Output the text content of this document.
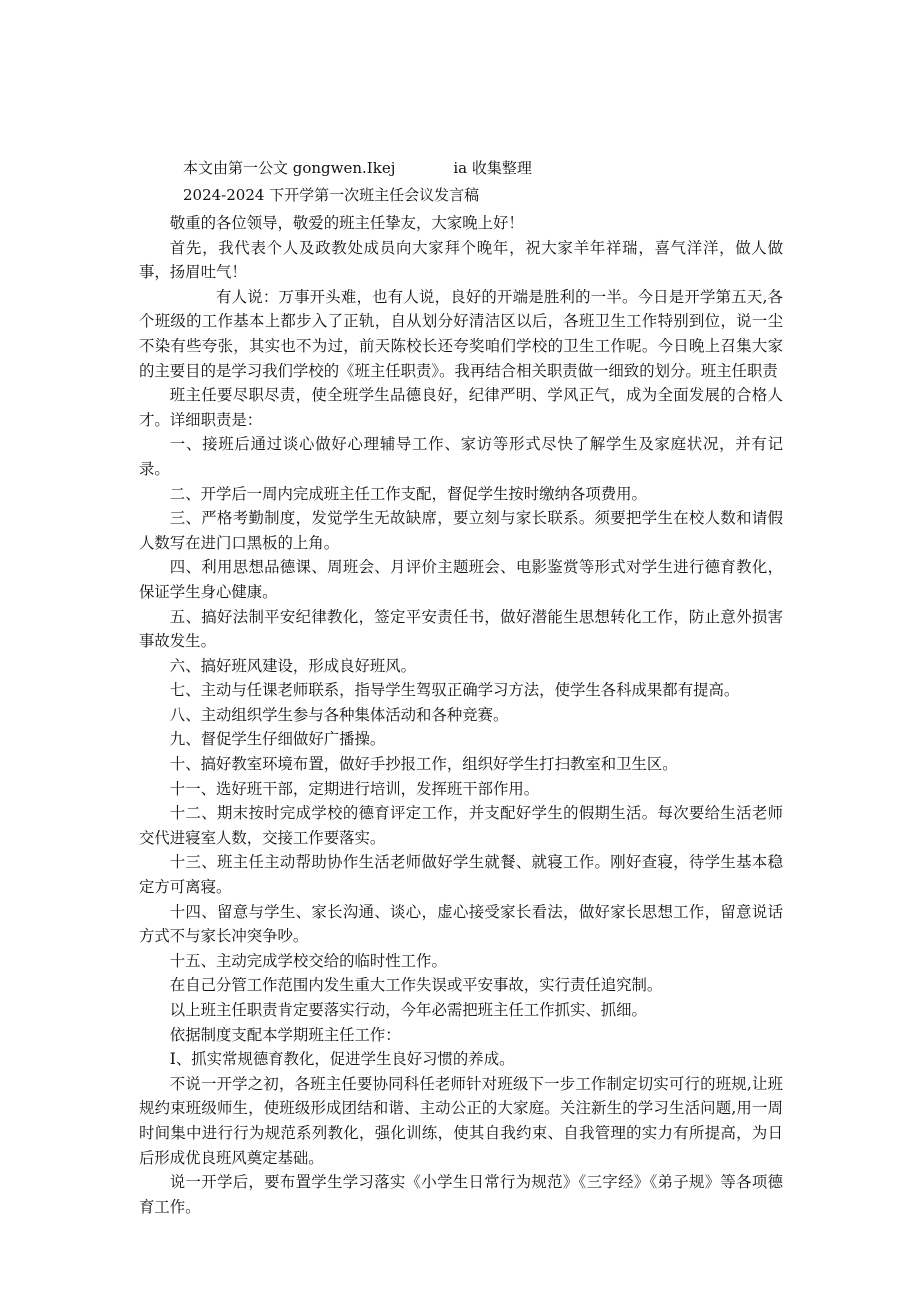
本文由第一公文 gongwen.Ikej	ia 收集整理
2024-2024 下开学第一次班主任会议发言稿

敬重的各位领导，敬爱的班主任挚友，大家晚上好！

首先，我代表个人及政教处成员向大家拜个晚年，祝大家羊年祥瑞，喜气洋洋，做人做事，扬眉吐气！

有人说：万事开头难，也有人说，良好的开端是胜利的一半。今日是开学第五天,各个班级的工作基本上都步入了正轨，自从划分好清洁区以后，各班卫生工作特别到位，说一尘不染有些夸张，其实也不为过，前天陈校长还夸奖咱们学校的卫生工作呢。今日晚上召集大家的主要目的是学习我们学校的《班主任职责》。我再结合相关职责做一细致的划分。班主任职责

班主任要尽职尽责，使全班学生品德良好，纪律严明、学风正气，成为全面发展的合格人才。详细职责是：

一、接班后通过谈心做好心理辅导工作、家访等形式尽快了解学生及家庭状况，并有记录。

二、开学后一周内完成班主任工作支配，督促学生按时缴纳各项费用。

三、严格考勤制度，发觉学生无故缺席，要立刻与家长联系。须要把学生在校人数和请假人数写在进门口黑板的上角。

四、利用思想品德课、周班会、月评价主题班会、电影鉴赏等形式对学生进行德育教化，保证学生身心健康。

五、搞好法制平安纪律教化，签定平安责任书，做好潜能生思想转化工作，防止意外损害事故发生。

六、搞好班风建设，形成良好班风。

七、主动与任课老师联系，指导学生驾驭正确学习方法，使学生各科成果都有提高。

八、主动组织学生参与各种集体活动和各种竞赛。

九、督促学生仔细做好广播操。

十、搞好教室环境布置，做好手抄报工作，组织好学生打扫教室和卫生区。

十一、选好班干部，定期进行培训，发挥班干部作用。

十二、期末按时完成学校的德育评定工作，并支配好学生的假期生活。每次要给生活老师交代进寝室人数，交接工作要落实。

十三、班主任主动帮助协作生活老师做好学生就餐、就寝工作。刚好查寝，待学生基本稳定方可离寝。

十四、留意与学生、家长沟通、谈心，虚心接受家长看法，做好家长思想工作，留意说话方式不与家长冲突争吵。

十五、主动完成学校交给的临时性工作。

在自己分管工作范围内发生重大工作失误或平安事故，实行责任追究制。

以上班主任职责肯定要落实行动，今年必需把班主任工作抓实、抓细。

依据制度支配本学期班主任工作：

I、抓实常规德育教化，促进学生良好习惯的养成。

不说一开学之初，各班主任要协同科任老师针对班级下一步工作制定切实可行的班规,让班规约束班级师生，使班级形成团结和谐、主动公正的大家庭。关注新生的学习生活问题,用一周时间集中进行行为规范系列教化，强化训练，使其自我约束、自我管理的实力有所提高，为日后形成优良班风奠定基础。

说一开学后，要布置学生学习落实《小学生日常行为规范》《三字经》《弟子规》等各项德育工作。
